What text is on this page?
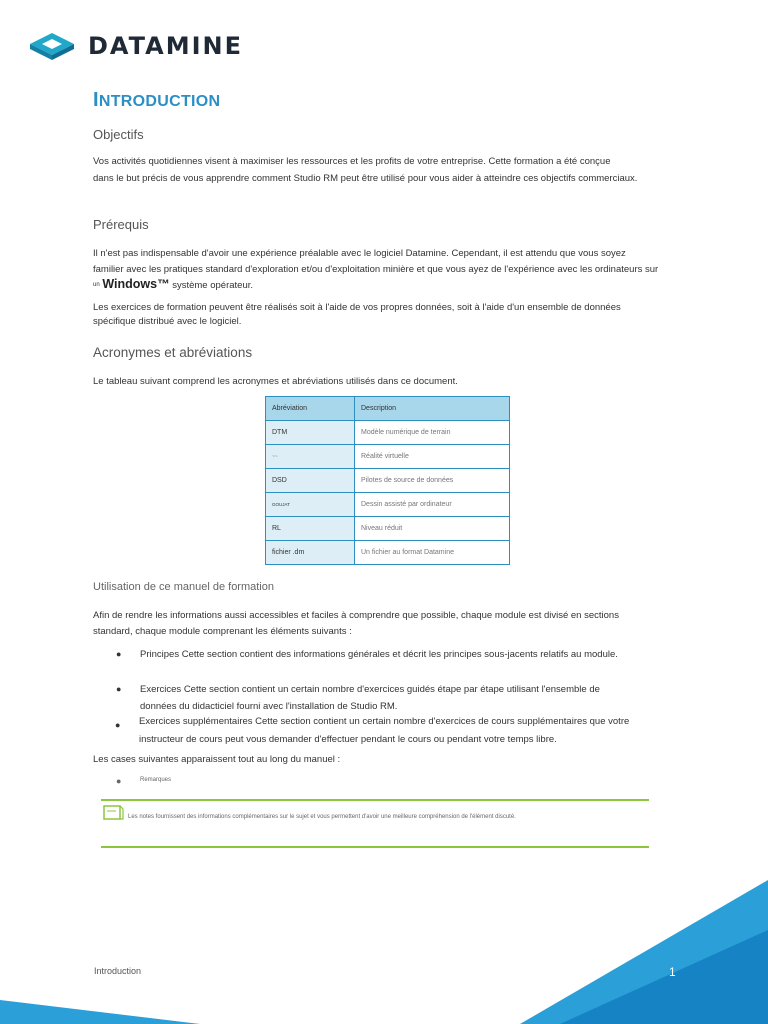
DATAMINE
INTRODUCTION
Objectifs

Vos activités quotidiennes visent à maximiser les ressources et les profits de votre entreprise. Cette formation a été conçue

dans le but précis de vous apprendre comment Studio RM peut être utilisé pour vous aider à atteindre ces objectifs commerciaux.

Prérequis

Il n'est pas indispensable d'avoir une expérience préalable avec le logiciel Datamine. Cependant, il est attendu que vous soyez

familier avec les pratiques standard d'exploration et/ou d'exploitation minière et que vous ayez de l'expérience avec les ordinateurs sur

$^{un}$ Windows™ système opérateur.

Les exercices de formation peuvent être réalisés soit à l'aide de vos propres données, soit à l'aide d'un ensemble de données

spécifique distribué avec le logiciel.

Acronymes et abréviations

Le tableau suivant comprend les acronymes et abréviations utilisés dans ce document.

Abréviation	Description
DTM	Modèle numérique de terrain
~~	Réalité virtuelle
DSD	Pilotes de source de données
GOUJAT	Dessin assisté par ordinateur
RL	Niveau réduit
fichier .dm	Un fichier au format Datamine
Utilisation de ce manuel de formation

Afin de rendre les informations aussi accessibles et faciles à comprendre que possible, chaque module est divisé en sections

standard, chaque module comprenant les éléments suivants :

● Principes Cette section contient des informations générales et décrit les principes sous-jacents relatifs au module.
● Exercices Cette section contient un certain nombre d'exercices guidés étape par étape utilisant l'ensemble de
données du didacticiel fourni avec l'installation de Studio RM.
● Exercices supplémentaires Cette section contient un certain nombre d'exercices de cours supplémentaires que votre
instructeur de cours peut vous demander d'effectuer pendant le cours ou pendant votre temps libre.

Les cases suivantes apparaissent tout au long du manuel :

●	Remarques

Les notes fournissent des informations complémentaires sur le sujet et vous permettent d'avoir une meilleure compréhension de l'élément discuté.

Introduction	1
